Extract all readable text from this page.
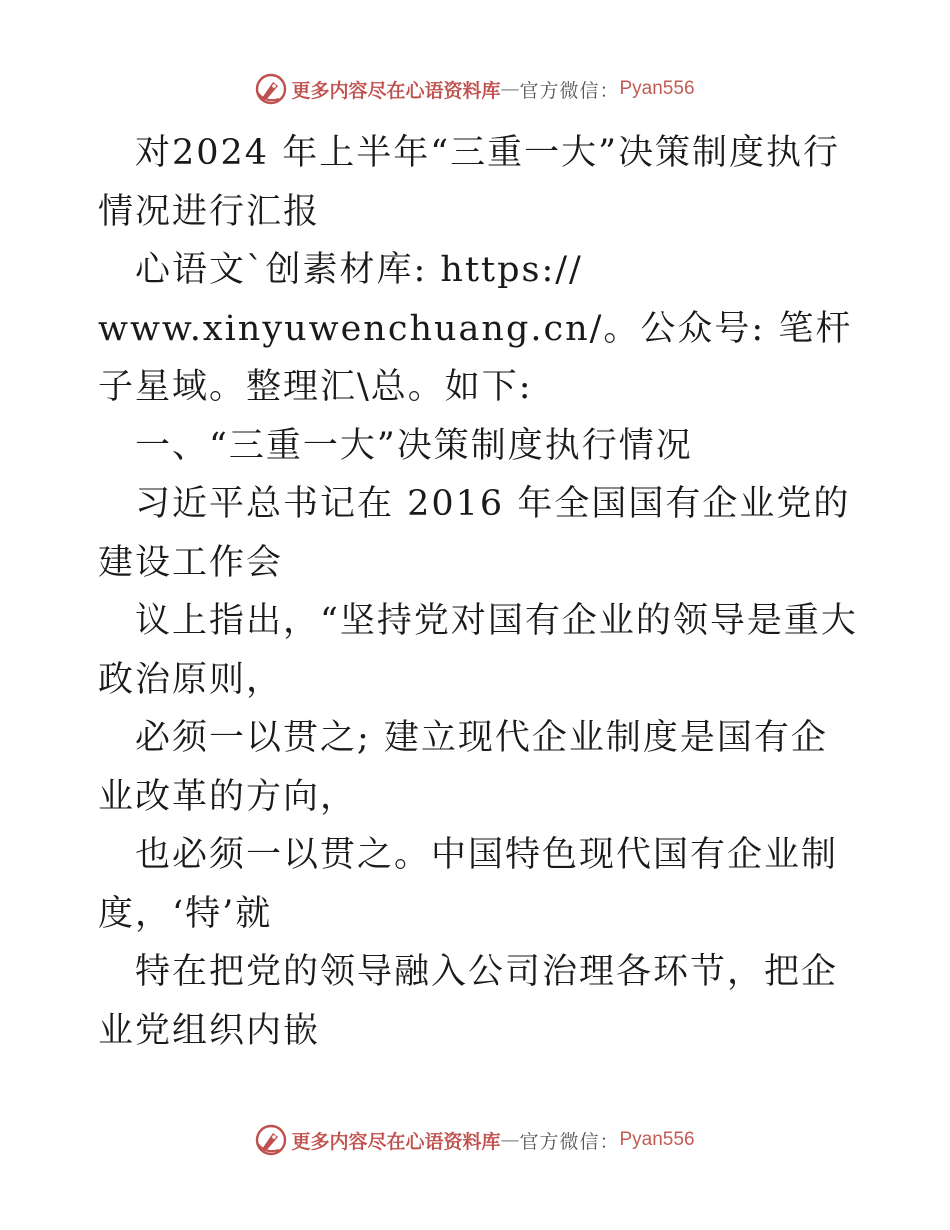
更多内容尽在心语资料库 — 官方微信： Pyan556

对2024 年上半年“三重一大”决策制度执行情况进行汇报

心语文`创素材库: https://

www.xinyuwenchuang.cn/。公众号: 笔杆子星域。整理汇\总。如下:

一、“三重一大”决策制度执行情况

习近平总书记在 2016 年全国国有企业党的建设工作会

议上指出，“坚持党对国有企业的领导是重大政治原则，

必须一以贯之; 建立现代企业制度是国有企业改革的方向，

也必须一以贯之。中国特色现代国有企业制

度，‘特’就

特在把党的领导融入公司治理各环节，把企业党组织内嵌

更多内容尽在心语资料库 — 官方微信： Pyan556
